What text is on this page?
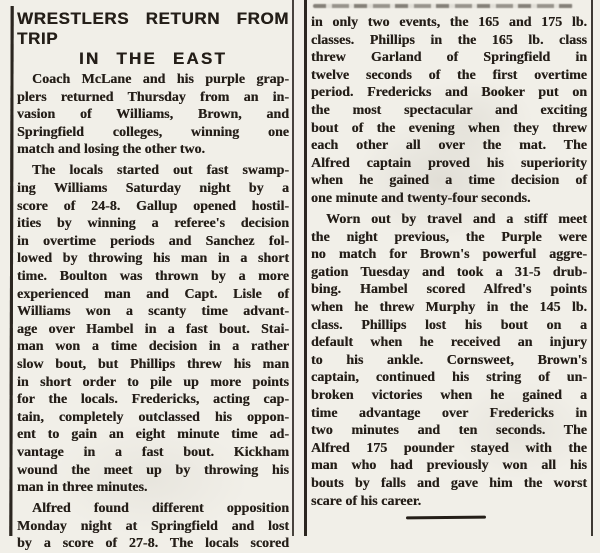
WRESTLERS RETURN FROM TRIP
IN THE EAST
Coach McLane and his purple grap-
plers returned Thursday from an in-
vasion of Williams, Brown, and
Springfield colleges, winning one
match and losing the other two.
The locals started out fast swamp-
ing Williams Saturday night by a
score of 24-8. Gallup opened hostil-
ities by winning a referee's decision
in overtime periods and Sanchez fol-
lowed by throwing his man in a short
time. Boulton was thrown by a more
experienced man and Capt. Lisle of
Williams won a scanty time advant-
age over Hambel in a fast bout. Stai-
man won a time decision in a rather
slow bout, but Phillips threw his man
in short order to pile up more points
for the locals. Fredericks, acting cap-
tain, completely outclassed his oppon-
ent to gain an eight minute time ad-
vantage in a fast bout. Kickham
wound the meet up by throwing his
man in three minutes.
Alfred found different opposition
Monday night at Springfield and lost
by a score of 27-8. The locals scored
in only two events, the 165 and 175 lb.
classes. Phillips in the 165 lb. class
threw Garland of Springfield in
twelve seconds of the first overtime
period. Fredericks and Booker put on
the most spectacular and exciting
bout of the evening when they threw
each other all over the mat. The
Alfred captain proved his superiority
when he gained a time decision of
one minute and twenty-four seconds.
Worn out by travel and a stiff meet
the night previous, the Purple were
no match for Brown's powerful aggre-
gation Tuesday and took a 31-5 drub-
bing. Hambel scored Alfred's points
when he threw Murphy in the 145 lb.
class. Phillips lost his bout on a
default when he received an injury
to his ankle. Cornsweet, Brown's
captain, continued his string of un-
broken victories when he gained a
time advantage over Fredericks in
two minutes and ten seconds. The
Alfred 175 pounder stayed with the
man who had previously won all his
bouts by falls and gave him the worst
scare of his career.
